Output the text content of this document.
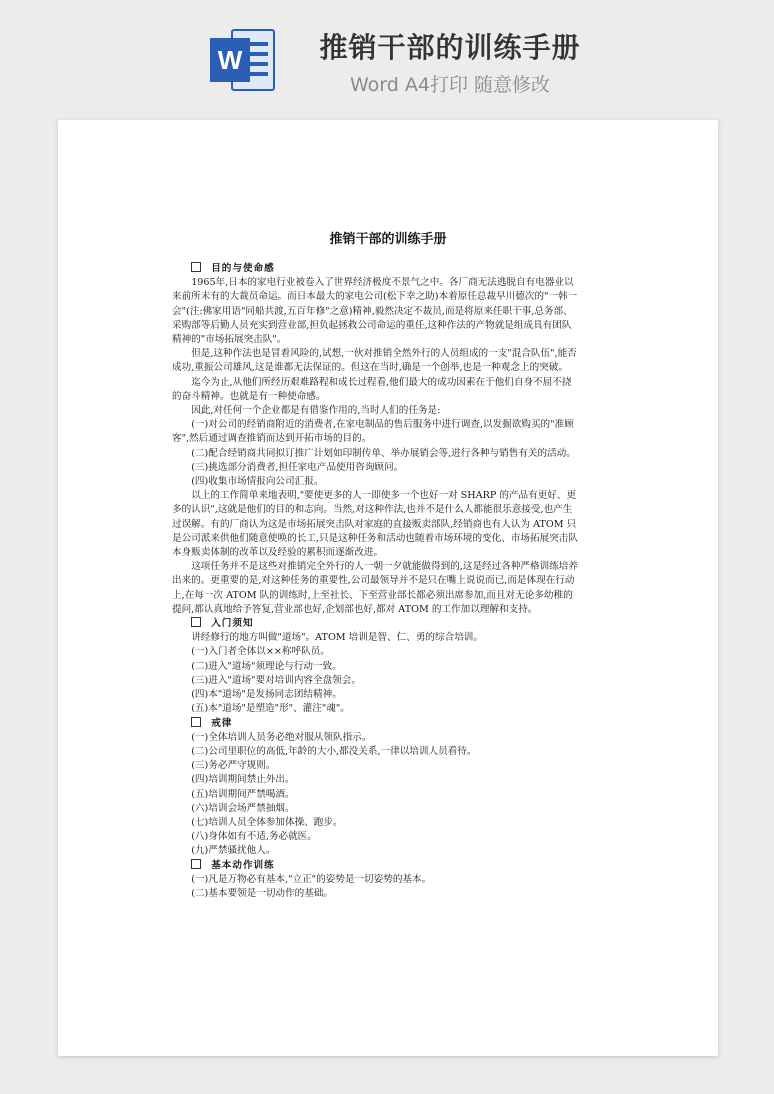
W	推销干部的训练手册
Word A4打印 随意修改
推销干部的训练手册

目的与使命感

1965年,日本的家电行业被卷入了世界经济极度不景气之中。各厂商无法逃脱自有电器业以来前所未有的大裁员命运。而日本最大的家电公司(松下幸之助)本着原任总裁早川德次的"一韩一会"(注:佛家用语"同船共渡,五百年修"之意)精神,毅然决定不裁员,而是将原来任职干事,总务部、采购部等后勤人员充实到营业部,担负起拯救公司命运的重任,这种作法的产物就是组成具有团队精神的"市场拓展突击队"。

但是,这种作法也是冒着风险的,试想,一伙对推销全然外行的人员组成的一支"混合队伍",能否成功,重振公司雄风,这是谁都无法保证的。但这在当时,确是一个创举,也是一种观念上的突破。

迄今为止,从他们所经历艰难路程和成长过程看,他们最大的成功因素在于他们自身不屈不挠的奋斗精神。也就是有一种使命感。

因此,对任何一个企业都是有借鉴作用的,当时人们的任务是:

(一)对公司的经销商附近的消费者,在家电制品的售后服务中进行调查,以发掘欲购买的"准顾客",然后通过调查推销而达到开拓市场的目的。

(二)配合经销商共同拟订推广计划如印制传单、举办展销会等,进行各种与销售有关的活动。

(三)挑选部分消费者,担任家电产品使用咨询顾问。

(四)收集市场情报向公司汇报。

以上的工作简单来地表明,"要使更多的人一即使多一个也好一对 SHARP 的产品有更好、更多的认识",这就是他们的目的和志向。当然,对这种作法,也并不是什么人都能很乐意接受,也产生过误解。有的厂商认为这是市场拓展突击队对家庭的直接贩卖部队,经销商也有人认为 ATOM 只是公司派来供他们随意使唤的长工,只是这种任务和活动也随着市场环境的变化、市场拓展突击队本身贩卖体制的改革以及经验的累积而逐渐改进。

这项任务并不是这些对推销完全外行的人一朝一夕就能做得到的,这是经过各种严格训练培养出来的。更重要的是,对这种任务的重要性,公司最领导并不是只在嘴上说说而已,而是体现在行动上,在每一次 ATOM 队的训练时,上至社长、下至营业部长都必须出席参加,而且对无论多幼稚的提问,都认真地给予答复,营业部也好,企划部也好,都对 ATOM 的工作加以理解和支持。

入门须知

讲经修行的地方叫做"道场"。ATOM 培训是智、仁、勇的综合培训。

(一)入门者全体以××称呼队员。

(二)进入"道场"须理论与行动一致。

(三)进入"道场"要对培训内容全盘领会。

(四)本"道场"是发扬同志团结精神。

(五)本"道场"是塑造"形"、灌注"魂"。

戒律

(一)全体培训人员务必绝对服从领队指示。

(二)公司里职位的高低,年龄的大小,都没关系,一律以培训人员看待。

(三)务必严守规则。

(四)培训期间禁止外出。

(五)培训期间严禁喝酒。

(六)培训会场严禁抽烟。

(七)培训人员全体参加体操、跑步。

(八)身体如有不适,务必就医。

(九)严禁骚扰他人。

基本动作训练

(一)凡是万物必有基本,"立正"的姿势是一切姿势的基本。

(二)基本要领是一切动作的基础。
